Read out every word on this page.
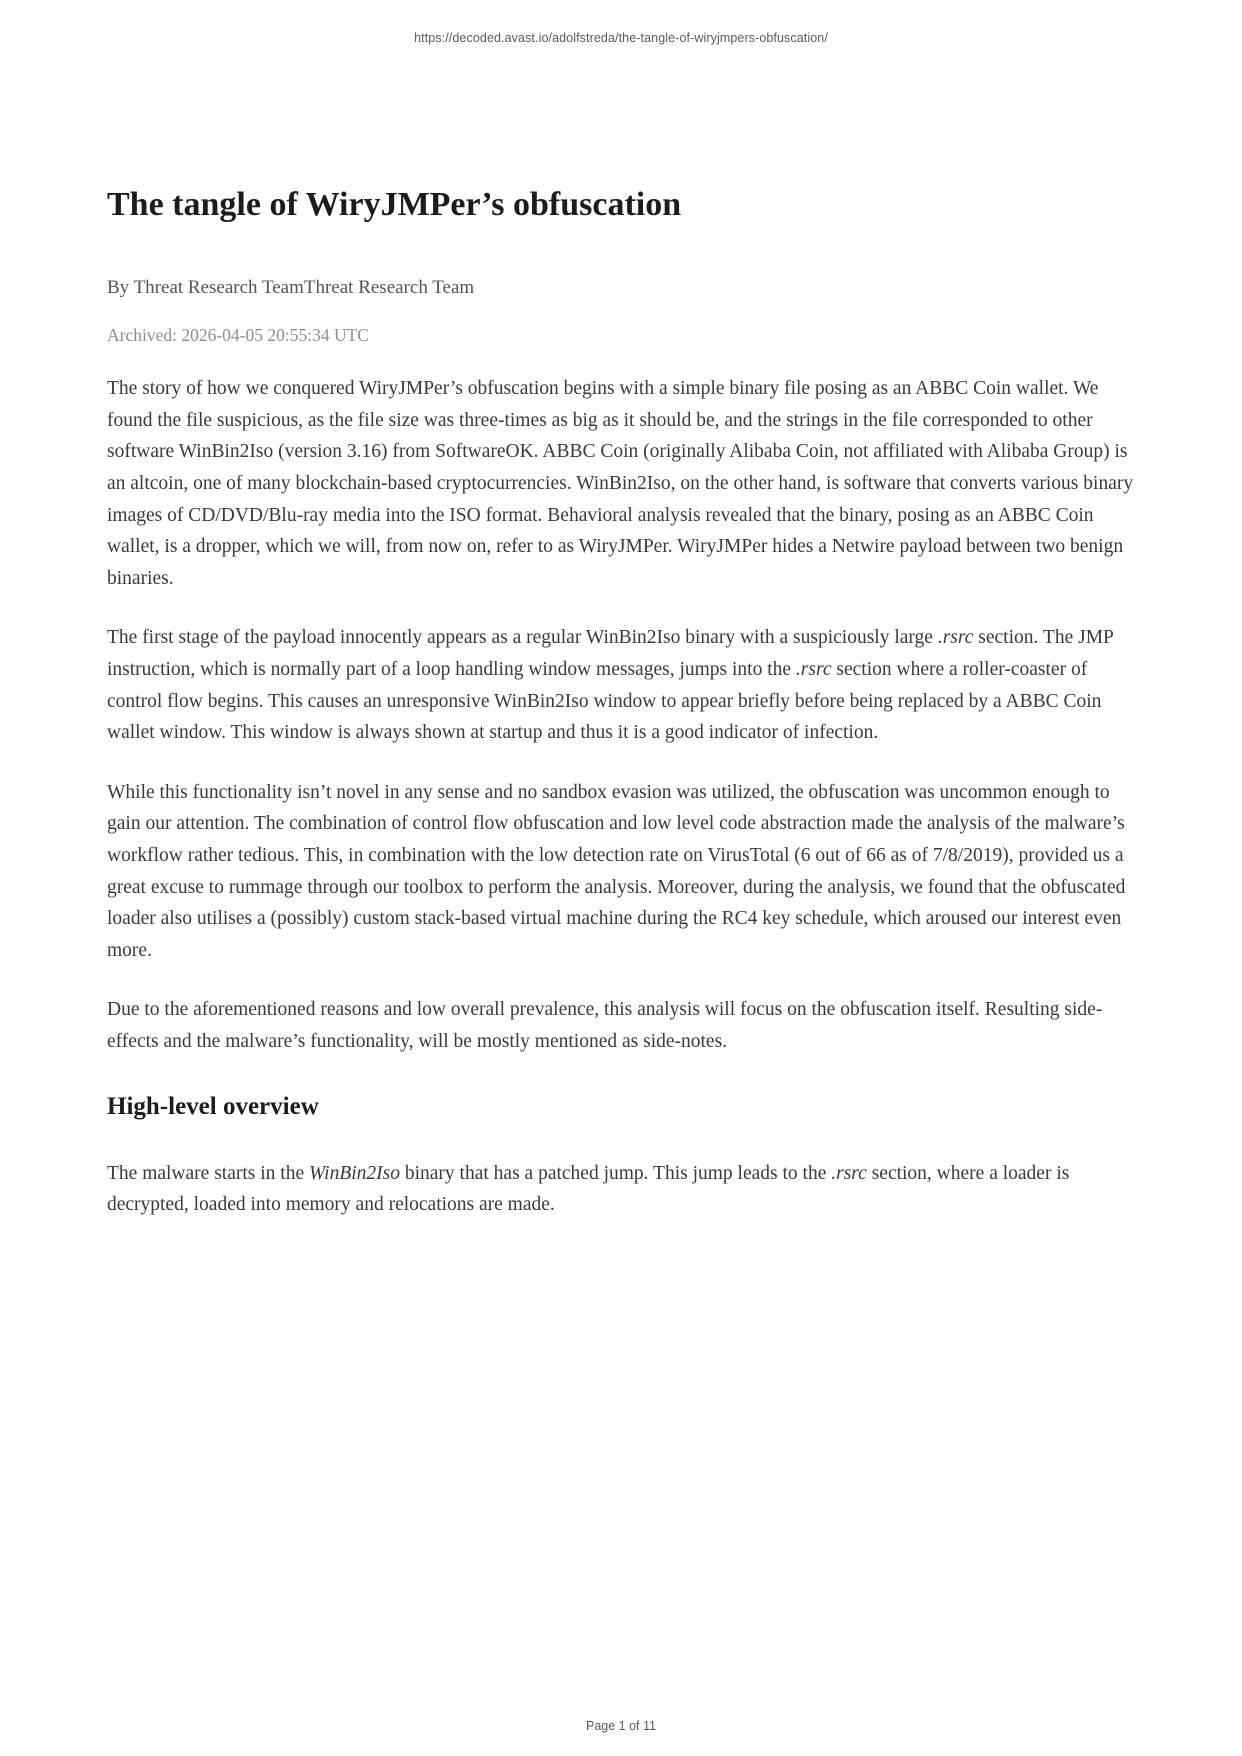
https://decoded.avast.io/adolfstreda/the-tangle-of-wiryjmpers-obfuscation/
The tangle of WiryJMPer’s obfuscation

By Threat Research TeamThreat Research Team

Archived: 2026-04-05 20:55:34 UTC

The story of how we conquered WiryJMPer’s obfuscation begins with a simple binary file posing as an ABBC Coin wallet. We found the file suspicious, as the file size was three-times as big as it should be, and the strings in the file corresponded to other software WinBin2Iso (version 3.16) from SoftwareOK. ABBC Coin (originally Alibaba Coin, not affiliated with Alibaba Group) is an altcoin, one of many blockchain-based cryptocurrencies. WinBin2Iso, on the other hand, is software that converts various binary images of CD/DVD/Blu-ray media into the ISO format. Behavioral analysis revealed that the binary, posing as an ABBC Coin wallet, is a dropper, which we will, from now on, refer to as WiryJMPer. WiryJMPer hides a Netwire payload between two benign binaries.

The first stage of the payload innocently appears as a regular WinBin2Iso binary with a suspiciously large .rsrc section. The JMP instruction, which is normally part of a loop handling window messages, jumps into the .rsrc section where a roller-coaster of control flow begins. This causes an unresponsive WinBin2Iso window to appear briefly before being replaced by a ABBC Coin wallet window. This window is always shown at startup and thus it is a good indicator of infection.

While this functionality isn’t novel in any sense and no sandbox evasion was utilized, the obfuscation was uncommon enough to gain our attention. The combination of control flow obfuscation and low level code abstraction made the analysis of the malware’s workflow rather tedious. This, in combination with the low detection rate on VirusTotal (6 out of 66 as of 7/8/2019), provided us a great excuse to rummage through our toolbox to perform the analysis. Moreover, during the analysis, we found that the obfuscated loader also utilises a (possibly) custom stack-based virtual machine during the RC4 key schedule, which aroused our interest even more.

Due to the aforementioned reasons and low overall prevalence, this analysis will focus on the obfuscation itself. Resulting side-effects and the malware’s functionality, will be mostly mentioned as side-notes.

High-level overview

The malware starts in the WinBin2Iso binary that has a patched jump. This jump leads to the .rsrc section, where a loader is decrypted, loaded into memory and relocations are made.

Page 1 of 11
